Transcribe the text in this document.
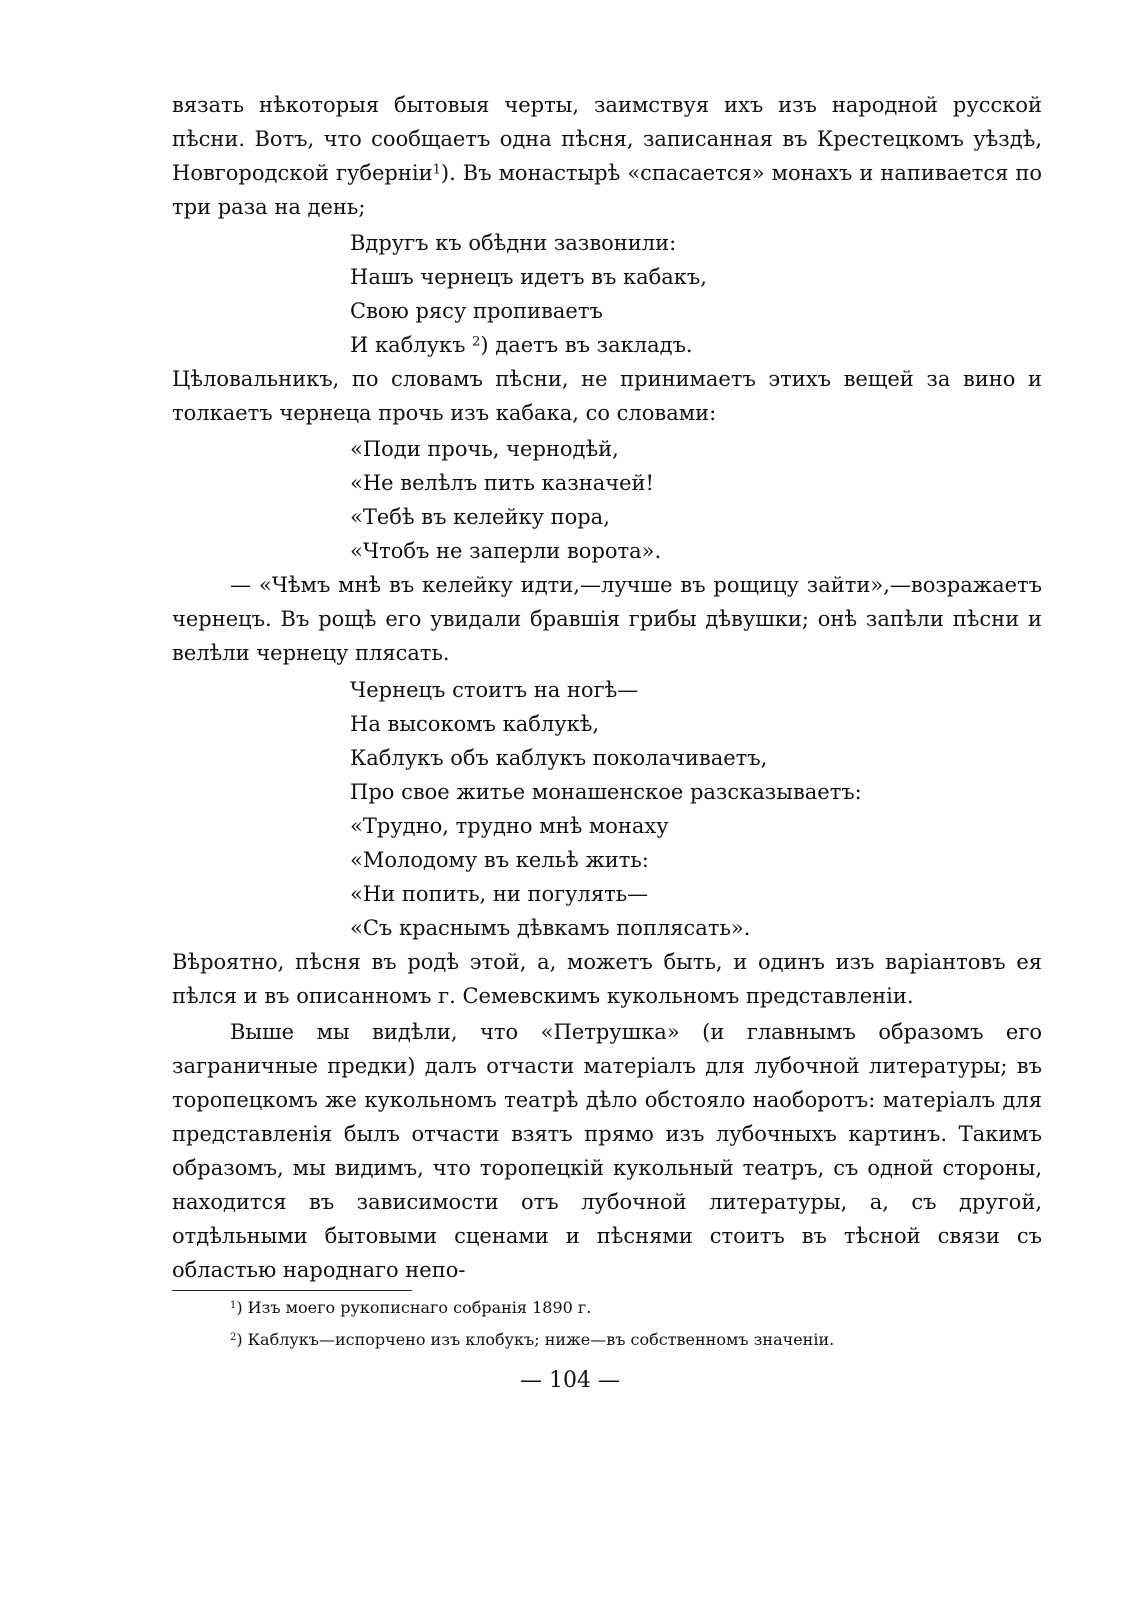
вязать нѣкоторыя бытовыя черты, заимствуя ихъ изъ народной русской пѣсни. Вотъ, что сообщаетъ одна пѣсня, записанная въ Крестецкомъ уѣздѣ, Новгородской губерніи$^1$). Въ монастырѣ «спасается» монахъ и напивается по три раза на день;

Вдругъ къ обѣдни зазвонили:
Нашъ чернецъ идетъ въ кабакъ,
Свою рясу пропиваетъ
И каблукъ $^2$) даетъ въ закладъ.

Цѣловальникъ, по словамъ пѣсни, не принимаетъ этихъ вещей за вино и толкаетъ чернеца прочь изъ кабака, со словами:

«Поди прочь, чернодѣй,
«Не велѣлъ пить казначей!
«Тебѣ въ келейку пора,
«Чтобъ не заперли ворота».

— «Чѣмъ мнѣ въ келейку идти,—лучше въ рощицу зайти»,—возражаетъ чернецъ. Въ рощѣ его увидали бравшія грибы дѣвушки; онѣ запѣли пѣсни и велѣли чернецу плясать.

Чернецъ стоитъ на ногѣ—
На высокомъ каблукѣ,
Каблукъ объ каблукъ поколачиваетъ,
Про свое житье монашенское разсказываетъ:
«Трудно, трудно мнѣ монаху
«Молодому въ кельѣ жить:
«Ни попить, ни погулять—
«Съ краснымъ дѣвкамъ поплясать».

Вѣроятно, пѣсня въ родѣ этой, а, можетъ быть, и одинъ изъ варіантовъ ея пѣлся и въ описанномъ г. Семевскимъ кукольномъ представленіи.

Выше мы видѣли, что «Петрушка» (и главнымъ образомъ его заграничные предки) далъ отчасти матеріалъ для лубочной литературы; въ торопецкомъ же кукольномъ театрѣ дѣло обстояло наоборотъ: матеріалъ для представленія былъ отчасти взятъ прямо изъ лубочныхъ картинъ. Такимъ образомъ, мы видимъ, что торопецкій кукольный театръ, съ одной стороны, находится въ зависимости отъ лубочной литературы, а, съ другой, отдѣльными бытовыми сценами и пѣснями стоитъ въ тѣсной связи съ областью народнаго непо-

$^1$) Изъ моего рукописнаго собранія 1890 г.
$^2$) Каблукъ—испорчено изъ клобукъ; ниже—въ собственномъ значеніи.
— 104 —
